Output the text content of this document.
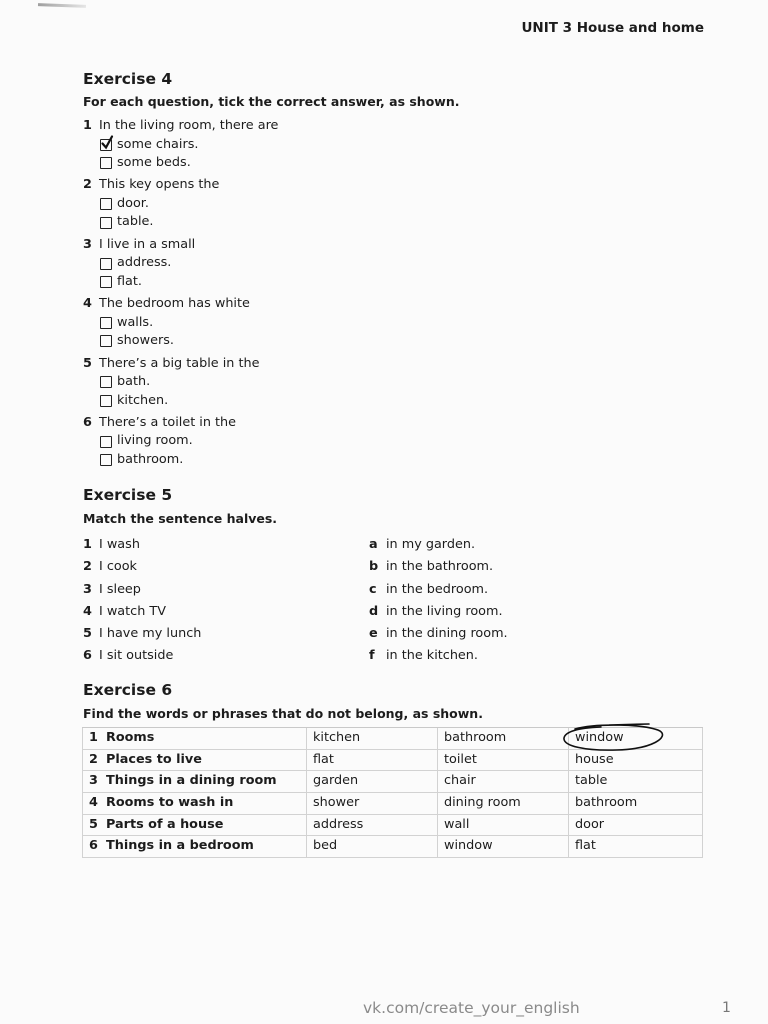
UNIT 3 House and home
Exercise 4
For each question, tick the correct answer, as shown.
1 In the living room, there are
some chairs.
some beds.
2 This key opens the
door.
table.
3 I live in a small
address.
flat.
4 The bedroom has white
walls.
showers.
5 There’s a big table in the
bath.
kitchen.
6 There’s a toilet in the
living room.
bathroom.
Exercise 5
Match the sentence halves.
1 I wash
2 I cook
3 I sleep
4 I watch TV
5 I have my lunch
6 I sit outside
a in my garden.
b in the bathroom.
c in the bedroom.
d in the living room.
e in the dining room.
f in the kitchen.
Exercise 6
Find the words or phrases that do not belong, as shown.
1 Rooms	kitchen	bathroom	window
2 Places to live	flat	toilet	house
3 Things in a dining room	garden	chair	table
4 Rooms to wash in	shower	dining room	bathroom
5 Parts of a house	address	wall	door
6 Things in a bedroom	bed	window	flat
vk.com/create_your_english	1
